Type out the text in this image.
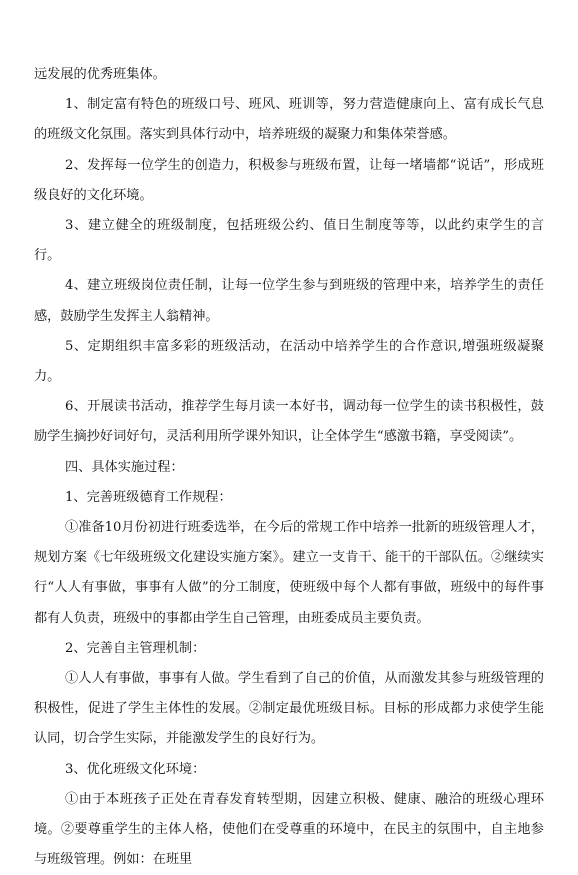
远发展的优秀班集体。

1、制定富有特色的班级口号、班风、班训等，努力营造健康向上、富有成长气息的班级文化氛围。落实到具体行动中，培养班级的凝聚力和集体荣誉感。

2、发挥每一位学生的创造力，积极参与班级布置，让每一堵墙都“说话”，形成班级良好的文化环境。

3、建立健全的班级制度，包括班级公约、值日生制度等等，以此约束学生的言行。

4、建立班级岗位责任制，让每一位学生参与到班级的管理中来，培养学生的责任感，鼓励学生发挥主人翁精神。

5、定期组织丰富多彩的班级活动，在活动中培养学生的合作意识,增强班级凝聚力。

6、开展读书活动，推荐学生每月读一本好书，调动每一位学生的读书积极性，鼓励学生摘抄好词好句，灵活利用所学课外知识，让全体学生“感激书籍，享受阅读”。

四、具体实施过程：

1、完善班级德育工作规程：

①准备10月份初进行班委选举，在今后的常规工作中培养一批新的班级管理人才，规划方案《七年级班级文化建设实施方案》。建立一支肯干、能干的干部队伍。②继续实行“人人有事做，事事有人做”的分工制度，使班级中每个人都有事做，班级中的每件事都有人负责，班级中的事都由学生自己管理，由班委成员主要负责。

2、完善自主管理机制：

①人人有事做，事事有人做。学生看到了自己的价值，从而激发其参与班级管理的积极性，促进了学生主体性的发展。②制定最优班级目标。目标的形成都力求使学生能认同，切合学生实际，并能激发学生的良好行为。

3、优化班级文化环境：

①由于本班孩子正处在青春发育转型期，因建立积极、健康、融洽的班级心理环境。②要尊重学生的主体人格，使他们在受尊重的环境中，在民主的氛围中，自主地参与班级管理。例如：在班里
